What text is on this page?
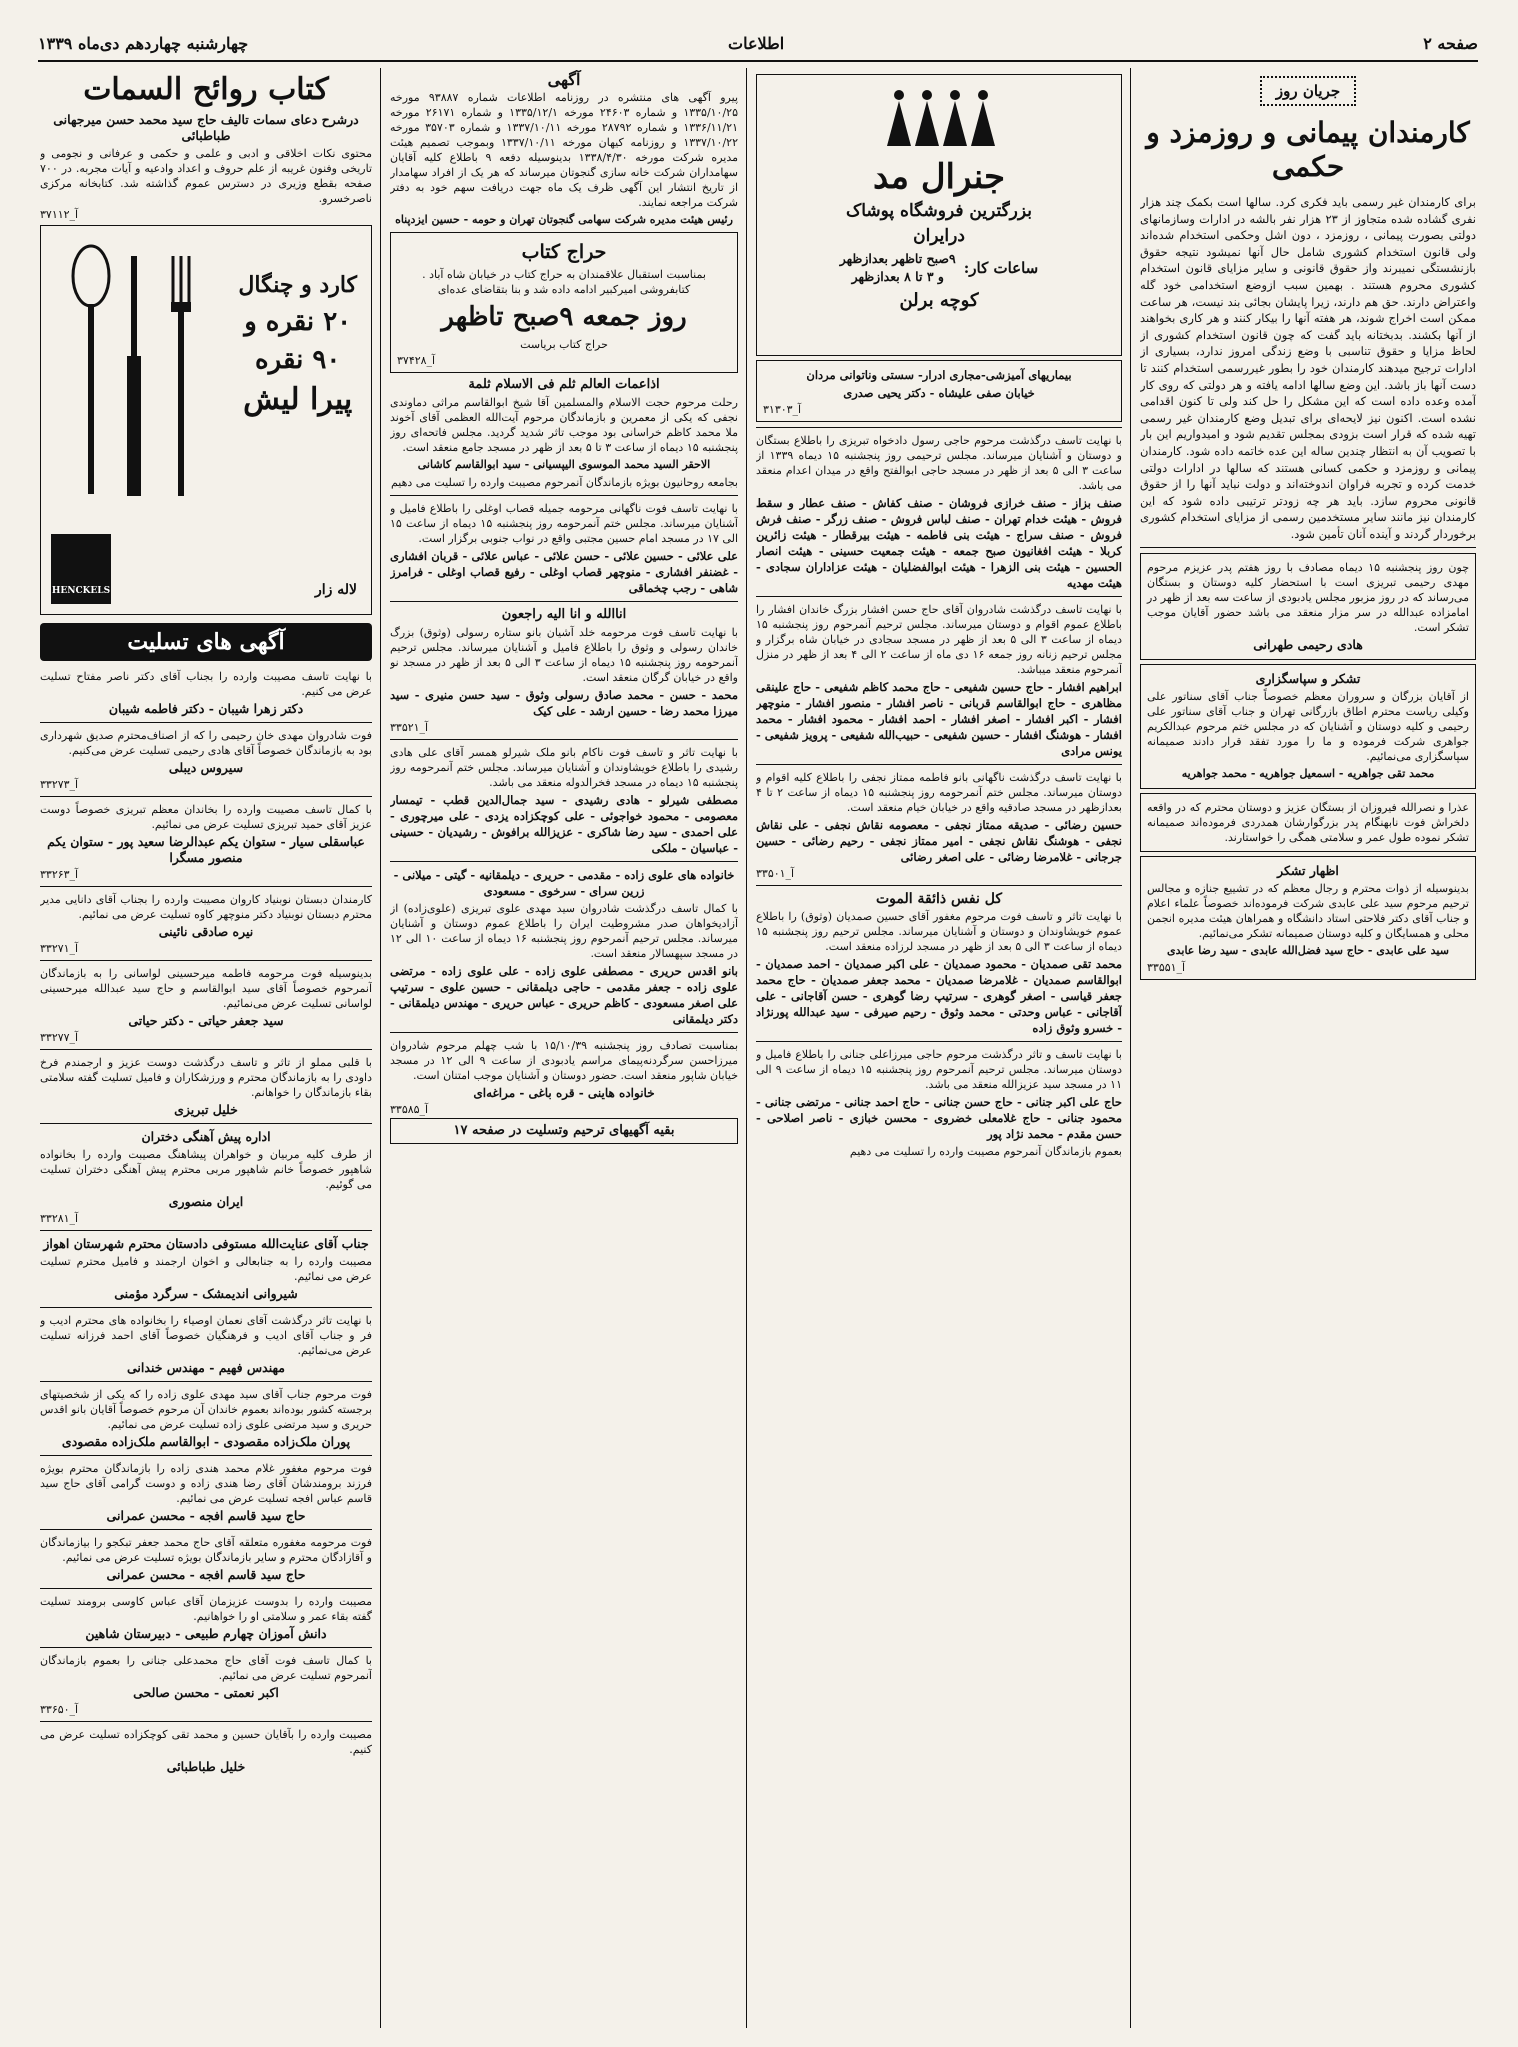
صفحه ۲
اطلاعات
چهارشنبه چهاردهم دی‌ماه ۱۳۳۹
جریان روز
کارمندان پیمانی و روزمزد و حکمی
برای کارمندان غیر رسمی باید فکری کرد. سالها است بکمک چند هزار نفری گشاده شده متجاوز از ۲۳ هزار نفر بالشه در ادارات وسازمانهای دولتی بصورت پیمانی ، روزمزد ، دون اشل وحکمی استخدام شده‌اند ولی قانون استخدام کشوری شامل حال آنها نمیشود نتیجه حقوق بازنشستگی نمیبرند واز حقوق قانونی و سایر مزایای قانون استخدام کشوری محروم هستند . بهمین سبب ازوضع استخدامی خود گله واعتراض دارند. حق هم دارند، زیرا پایشان بجائی بند نیست، هر ساعت ممکن است اخراج شوند، هر هفته آنها را بیکار کنند و هر کاری بخواهند از آنها بکشند. بدبختانه باید گفت که چون قانون استخدام کشوری از لحاظ مزایا و حقوق تناسبی با وضع زندگی امروز ندارد، بسیاری از ادارات ترجیح میدهند کارمندان خود را بطور غیررسمی استخدام کنند تا دست آنها باز باشد. این وضع سالها ادامه یافته و هر دولتی که روی کار آمده وعده داده است که این مشکل را حل کند ولی تا کنون اقدامی نشده است. اکنون نیز لایحه‌ای برای تبدیل وضع کارمندان غیر رسمی تهیه شده که قرار است بزودی بمجلس تقدیم شود و امیدواریم این بار با تصویب آن به انتظار چندین ساله این عده خاتمه داده شود. کارمندان پیمانی و روزمزد و حکمی کسانی هستند که سالها در ادارات دولتی خدمت کرده و تجربه فراوان اندوخته‌اند و دولت نباید آنها را از حقوق قانونی محروم سازد. باید هر چه زودتر ترتیبی داده شود که این کارمندان نیز مانند سایر مستخدمین رسمی از مزایای استخدام کشوری برخوردار گردند و آینده آنان تأمین شود.
چون روز پنجشنبه ۱۵ دیماه مصادف با روز هفتم پدر عزیزم مرحوم مهدی رحیمی تبریزی است با استحضار کلیه دوستان و بستگان می‌رساند که در روز مزبور مجلس یادبودی از ساعت سه بعد از ظهر در امامزاده عبدالله در سر مزار منعقد می باشد حضور آقایان موجب تشکر است.
هادی رحیمی طهرانی
تشکر و سپاسگزاری
از آقایان بزرگان و سروران معظم خصوصاً جناب آقای سناتور علی وکیلی ریاست محترم اطاق بازرگانی تهران و جناب آقای سناتور علی رحیمی و کلیه دوستان و آشنایان که در مجلس ختم مرحوم عبدالکریم جواهری شرکت فرموده و ما را مورد تفقد قرار دادند صمیمانه سپاسگزاری می‌نمائیم.
محمد تقی جواهریه - اسمعیل جواهریه - محمد جواهریه
عذرا و نصرالله فیروزان از بستگان عزیز و دوستان محترم که در واقعه دلخراش فوت نابهنگام پدر بزرگوارشان همدردی فرموده‌اند صمیمانه تشکر نموده طول عمر و سلامتی همگی را خواستارند.
اظهار تشکر
بدینوسیله از ذوات محترم و رجال معظم که در تشییع جنازه و مجالس ترحیم مرحوم سید علی عابدی شرکت فرموده‌اند خصوصاً علماء اعلام و جناب آقای دکتر فلاحتی استاد دانشگاه و همراهان هیئت مدیره انجمن محلی و همسایگان و کلیه دوستان صمیمانه تشکر می‌نمائیم.
سید علی عابدی - حاج سید فضل‌الله عابدی - سید رضا عابدی
آ_۳۳۵۵۱
جنرال مد
بزرگترین فروشگاه پوشاک
درایران
ساعات کار:
۹صبح تاظهر بعدازظهر
و ۳ تا ۸ بعدازظهر
کوچه برلن
بیماریهای آمیزشی-مجاری ادرار- سستی وناتوانی مردان
خیابان صفی علیشاه - دکتر یحیی صدری
آ_۳۱۳۰۳
با نهایت تاسف درگذشت مرحوم حاجی رسول دادخواه تبریزی را باطلاع بستگان و دوستان و آشنایان میرساند. مجلس ترحیمی روز پنجشنبه ۱۵ دیماه ۱۳۳۹ از ساعت ۳ الی ۵ بعد از ظهر در مسجد حاجی ابوالفتح واقع در میدان اعدام منعقد می باشد.
صنف بزاز - صنف خرازی فروشان - صنف کفاش - صنف عطار و سقط فروش - هیئت خدام تهران - صنف لباس فروش - صنف زرگر - صنف فرش فروش - صنف سراج - هیئت بنی فاطمه - هیئت بیرقطار - هیئت زائرین کربلا - هیئت افغانیون صبح جمعه - هیئت جمعیت حسینی - هیئت انصار الحسین - هیئت بنی الزهرا - هیئت ابوالفضلیان - هیئت عزاداران سجادی - هیئت مهدیه
با نهایت تاسف درگذشت شادروان آقای حاج حسن افشار بزرگ خاندان افشار را باطلاع عموم اقوام و دوستان میرساند. مجلس ترحیم آنمرحوم روز پنجشنبه ۱۵ دیماه از ساعت ۳ الی ۵ بعد از ظهر در مسجد سجادی در خیابان شاه برگزار و مجلس ترحیم زنانه روز جمعه ۱۶ دی ماه از ساعت ۲ الی ۴ بعد از ظهر در منزل آنمرحوم منعقد میباشد.
ابراهیم افشار - حاج حسین شفیعی - حاج محمد کاظم شفیعی - حاج علینقی مظاهری - حاج ابوالقاسم قربانی - ناصر افشار - منصور افشار - منوچهر افشار - اکبر افشار - اصغر افشار - احمد افشار - محمود افشار - محمد افشار - هوشنگ افشار - حسین شفیعی - حبیب‌الله شفیعی - پرویز شفیعی - یونس مرادی
با نهایت تاسف درگذشت ناگهانی بانو فاطمه ممتاز نجفی را باطلاع کلیه اقوام و دوستان میرساند. مجلس ختم آنمرحومه روز پنجشنبه ۱۵ دیماه از ساعت ۲ تا ۴ بعدازظهر در مسجد صادقیه واقع در خیابان خیام منعقد است.
حسین رضائی - صدیقه ممتاز نجفی - معصومه نقاش نجفی - علی نقاش نجفی - هوشنگ نقاش نجفی - امیر ممتاز نجفی - رحیم رضائی - حسین جرجانی - غلامرضا رضائی - علی اصغر رضائی
آ_۳۳۵۰۱
کل نفس ذائقة الموت
با نهایت تاثر و تاسف فوت مرحوم مغفور آقای حسین صمدیان (وثوق) را باطلاع عموم خویشاوندان و دوستان و آشنایان میرساند. مجلس ترحیم روز پنجشنبه ۱۵ دیماه از ساعت ۳ الی ۵ بعد از ظهر در مسجد لرزاده منعقد است.
محمد تقی صمدیان - محمود صمدیان - علی اکبر صمدیان - احمد صمدیان - ابوالقاسم صمدیان - غلامرضا صمدیان - محمد جعفر صمدیان - حاج محمد جعفر قیاسی - اصغر گوهری - سرتیپ رضا گوهری - حسن آقاجانی - علی آقاجانی - عباس وحدتی - محمد وثوق - رحیم صیرفی - سید عبدالله پورنژاد - خسرو وثوق زاده
با نهایت تاسف و تاثر درگذشت مرحوم حاجی میرزاعلی جنانی را باطلاع فامیل و دوستان میرساند. مجلس ترحیم آنمرحوم روز پنجشنبه ۱۵ دیماه از ساعت ۹ الی ۱۱ در مسجد سید عزیزالله منعقد می باشد.
حاج علی اکبر جنانی - حاج حسن جنانی - حاج احمد جنانی - مرتضی جنانی - محمود جنانی - حاج غلامعلی خضروی - محسن خبازی - ناصر اصلاحی - حسن مقدم - محمد نژاد پور
بعموم بازماندگان آنمرحوم مصیبت وارده را تسلیت می دهیم
آگهی
پیرو آگهی های منتشره در روزنامه اطلاعات شماره ۹۳۸۸۷ مورخه ۱۳۳۵/۱۰/۲۵ و شماره ۲۴۶۰۳ مورخه ۱۳۳۵/۱۲/۱ و شماره ۲۶۱۷۱ مورخه ۱۳۳۶/۱۱/۲۱ و شماره ۲۸۷۹۲ مورخه ۱۳۳۷/۱۰/۱۱ و شماره ۳۵۷۰۳ مورخه ۱۳۳۷/۱۰/۲۲ و روزنامه کیهان مورخه ۱۳۳۷/۱۰/۱۱ وبموجب تصمیم هیئت مدیره شرکت مورخه ۱۳۳۸/۴/۳۰ بدینوسیله دفعه ۹ باطلاع کلیه آقایان سهامداران شرکت خانه سازی گنجوتان میرساند که هر یک از افراد سهامدار از تاریخ انتشار این آگهی ظرف یک ماه جهت دریافت سهم خود به دفتر شرکت مراجعه نمایند.
رئیس هیئت مدیره شرکت سهامی گنجوتان تهران و حومه - حسین ایزدپناه
حراج کتاب
بمناسبت استقبال علاقمندان به حراج کتاب در خیابان شاه آباد . کتابفروشی امیرکبیر ادامه داده شد و بنا بتقاضای عده‌ای
روز جمعه ۹صبح تاظهر
حراج کتاب بریاست
آ_۳۷۴۲۸
اذاعمات العالم ثلم فی الاسلام ثلمة
رحلت مرحوم حجت الاسلام والمسلمین آقا شیخ ابوالقاسم مراثی دماوندی نجفی که یکی از معمرین و بازماندگان مرحوم آیت‌الله العظمی آقای آخوند ملا محمد کاظم خراسانی بود موجب تاثر شدید گردید. مجلس فاتحه‌ای روز پنجشنبه ۱۵ دیماه از ساعت ۳ تا ۵ بعد از ظهر در مسجد جامع منعقد است.
الاحقر السید محمد الموسوی الیپسیانی - سید ابوالقاسم کاشانی
بجامعه روحانیون بویژه بازماندگان آنمرحوم مصیبت وارده را تسلیت می دهیم
با نهایت تاسف فوت ناگهانی مرحومه جمیله قصاب اوغلی را باطلاع فامیل و آشنایان میرساند. مجلس ختم آنمرحومه روز پنجشنبه ۱۵ دیماه از ساعت ۱۵ الی ۱۷ در مسجد امام حسین مجتبی واقع در نواب جنوبی برگزار است.
علی علائی - حسین علائی - حسن علائی - عباس علائی - قربان افشاری - غضنفر افشاری - منوچهر قصاب اوغلی - رفیع قصاب اوغلی - فرامرز شاهی - رجب چخماقی
اناالله و انا الیه راجعون
با نهایت تاسف فوت مرحومه خلد آشیان بانو ستاره رسولی (وثوق) بزرگ خاندان رسولی و وثوق را باطلاع فامیل و آشنایان میرساند. مجلس ترحیم آنمرحومه روز پنجشنبه ۱۵ دیماه از ساعت ۳ الی ۵ بعد از ظهر در مسجد نو واقع در خیابان گرگان منعقد است.
محمد - حسن - محمد صادق رسولی وثوق - سید حسن منیری - سید میرزا محمد رضا - حسین ارشد - علی کیک
آ_۳۳۵۲۱
با نهایت تاثر و تاسف فوت ناکام بانو ملک شیرلو همسر آقای علی هادی رشیدی را باطلاع خویشاوندان و آشنایان میرساند. مجلس ختم آنمرحومه روز پنجشنبه ۱۵ دیماه در مسجد فخرالدوله منعقد می باشد.
مصطفی شیرلو - هادی رشیدی - سید جمال‌الدین قطب - تیمسار معصومی - محمود خواجوئی - علی کوچکزاده یزدی - علی میرچوری - علی احمدی - سید رضا شاکری - عزیزالله برافوش - رشیدیان - حسینی - عباسیان - ملکی
خانواده های علوی زاده - مقدمی - حریری - دیلمقانیه - گیتی - میلانی - زرین سرای - سرخوی - مسعودی
با کمال تاسف درگذشت شادروان سید مهدی علوی تبریزی (علوی‌زاده) از آزادیخواهان صدر مشروطیت ایران را باطلاع عموم دوستان و آشنایان میرساند. مجلس ترحیم آنمرحوم روز پنجشنبه ۱۶ دیماه از ساعت ۱۰ الی ۱۲ در مسجد سپهسالار منعقد است.
بانو اقدس حریری - مصطفی علوی زاده - علی علوی زاده - مرتضی علوی زاده - جعفر مقدمی - حاجی دیلمقانی - حسین علوی - سرتیپ علی اصغر مسعودی - کاظم حریری - عباس حریری - مهندس دیلمقانی - دکتر دیلمقانی
بمناسبت تصادف روز پنجشنبه ۱۵/۱۰/۳۹ با شب چهلم مرحوم شادروان میرزاحسن سرگردنه‌پیمای مراسم یادبودی از ساعت ۹ الی ۱۲ در مسجد خیابان شاپور منعقد است. حضور دوستان و آشنایان موجب امتنان است.
خانواده هاینی - قره باغی - مراغه‌ای
آ_۳۳۵۸۵
بقیه آگهیهای ترحیم وتسلیت در صفحه ۱۷
کتاب روائح السمات
درشرح دعای سمات تالیف حاج سید محمد حسن میرجهانی طباطبائی
محتوی نکات اخلاقی و ادبی و علمی و حکمی و عرفانی و نجومی و تاریخی وفنون غریبه از علم حروف و اعداد وادعیه و آیات مجربه. در ۷۰۰ صفحه بقطع وزیری در دسترس عموم گذاشته شد. کتابخانه مرکزی ناصرخسرو.
آ_۳۷۱۱۲
کارد و چنگال
۲۰ نقره و
۹۰ نقره
پیرا لیش
HENCKELS	لاله زار
آگهی های تسلیت
با نهایت تاسف مصیبت وارده را بجناب آقای دکتر ناصر مفتاح تسلیت عرض می کنیم.
دکتر زهرا شیبان - دکتر فاطمه شیبان
فوت شادروان مهدی خان رحیمی را که از اصناف‌محترم صدیق شهرداری بود به بازماندگان خصوصاً آقای هادی رحیمی تسلیت عرض می‌کنیم.
سیروس دیبلی
آ_۳۳۲۷۳
با کمال تاسف مصیبت وارده را بخاندان معظم تبریزی خصوصاً دوست عزیز آقای حمید تبریزی تسلیت عرض می نمائیم.
عباسقلی سیار - ستوان یکم عبدالرضا سعید پور - ستوان یکم منصور مسگرا
آ_۳۳۲۶۳
کارمندان دبستان نوبنیاد کاروان مصیبت وارده را بجناب آقای دانایی مدیر محترم دبستان نوبنیاد دکتر منوچهر کاوه تسلیت عرض می نمائیم.
نیره صادقی نائینی
آ_۳۳۲۷۱
بدینوسیله فوت مرحومه فاطمه میرحسینی لواسانی را به بازماندگان آنمرحوم خصوصاً آقای سید ابوالقاسم و حاج سید عبدالله میرحسینی لواسانی تسلیت عرض می‌نمائیم.
سید جعفر حیاتی - دکتر حیاتی
آ_۳۳۲۷۷
با قلبی مملو از تاثر و تاسف درگذشت دوست عزیز و ارجمندم فرخ داودی را به بازماندگان محترم و ورزشکاران و فامیل تسلیت گفته سلامتی بقاء بازماندگان را خواهانم.
خلیل تبریزی
اداره پیش آهنگی دختران
از طرف کلیه مربیان و خواهران پیشاهنگ مصیبت وارده را بخانواده شاهپور خصوصاً خانم شاهپور مربی محترم پیش آهنگی دختران تسلیت می گوئیم.
ایران منصوری
آ_۳۳۲۸۱
جناب آقای عنایت‌الله مستوفی دادستان محترم شهرستان اهواز
مصیبت وارده را به جنابعالی و اخوان ارجمند و فامیل محترم تسلیت عرض می نمائیم.
شیروانی اندیمشک - سرگرد مؤمنی
با نهایت تاثر درگذشت آقای نعمان اوصیاء را بخانواده های محترم ادیب و فر و جناب آقای ادیب و فرهنگیان خصوصاً آقای احمد فرزانه تسلیت عرض می‌نمائیم.
مهندس فهیم - مهندس خندانی
فوت مرحوم جناب آقای سید مهدی علوی زاده را که یکی از شخصیتهای برجسته کشور بوده‌اند بعموم خاندان آن مرحوم خصوصاً آقایان بانو اقدس حریری و سید مرتضی علوی زاده تسلیت عرض می نمائیم.
پوران ملک‌زاده مقصودی - ابوالقاسم ملک‌زاده مقصودی
فوت مرحوم مغفور غلام محمد هندی زاده را بازماندگان محترم بویژه فرزند برومندشان آقای رضا هندی زاده و دوست گرامی آقای حاج سید قاسم عباس افجه تسلیت عرض می نمائیم.
حاج سید قاسم افجه - محسن عمرانی
فوت مرحومه مغفوره متعلقه آقای حاج محمد جعفر تبکجو را بیازماندگان و آقازادگان محترم و سایر بازماندگان بویژه تسلیت عرض می نمائیم.
حاج سید قاسم افجه - محسن عمرانی
مصیبت وارده را بدوست عزیزمان آقای عباس کاوسی برومند تسلیت گفته بقاء عمر و سلامتی او را خواهانیم.
دانش آموزان چهارم طبیعی - دبیرستان شاهین
با کمال تاسف فوت آقای حاج محمدعلی جنانی را بعموم بازماندگان آنمرحوم تسلیت عرض می نمائیم.
اکبر نعمتی - محسن صالحی
آ_۳۳۶۵۰
مصیبت وارده را بآقایان حسین و محمد تقی کوچکزاده تسلیت عرض می کنیم.
خلیل طباطبائی
